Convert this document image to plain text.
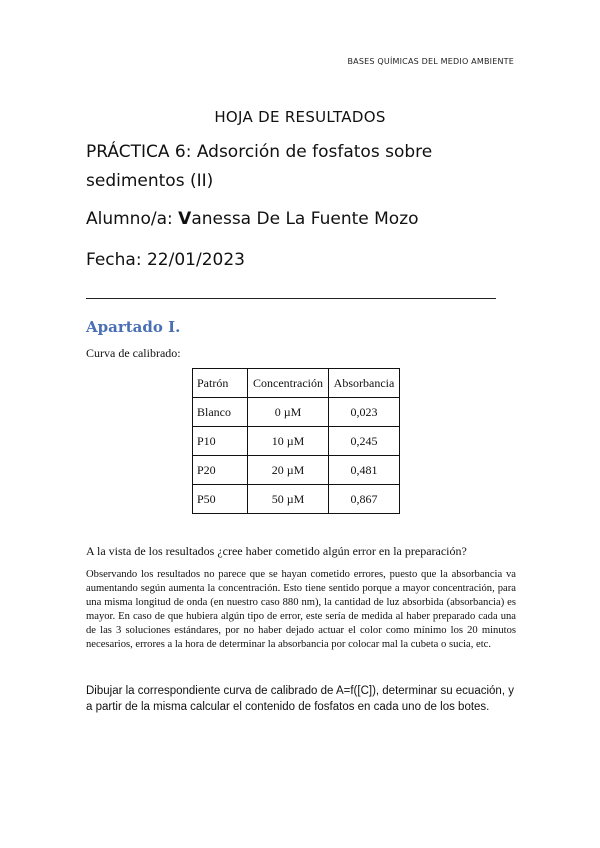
BASES QUÍMICAS DEL MEDIO AMBIENTE
HOJA DE RESULTADOS
PRÁCTICA 6: Adsorción de fosfatos sobre sedimentos (II)
Alumno/a: Vanessa De La Fuente Mozo
Fecha: 22/01/2023
Apartado I.
Curva de calibrado:
Patrón	Concentración	Absorbancia
Blanco	0 µM	0,023
P10	10 µM	0,245
P20	20 µM	0,481
P50	50 µM	0,867
A la vista de los resultados ¿cree haber cometido algún error en la preparación?
Observando los resultados no parece que se hayan cometido errores, puesto que la absorbancia va aumentando según aumenta la concentración. Esto tiene sentido porque a mayor concentración, para una misma longitud de onda (en nuestro caso 880 nm), la cantidad de luz absorbida (absorbancia) es mayor. En caso de que hubiera algún tipo de error, este sería de medida al haber preparado cada una de las 3 soluciones estándares, por no haber dejado actuar el color como mínimo los 20 minutos necesarios, errores a la hora de determinar la absorbancia por colocar mal la cubeta o sucia, etc.
Dibujar la correspondiente curva de calibrado de A=f([C]), determinar su ecuación, y a partir de la misma calcular el contenido de fosfatos en cada uno de los botes.
